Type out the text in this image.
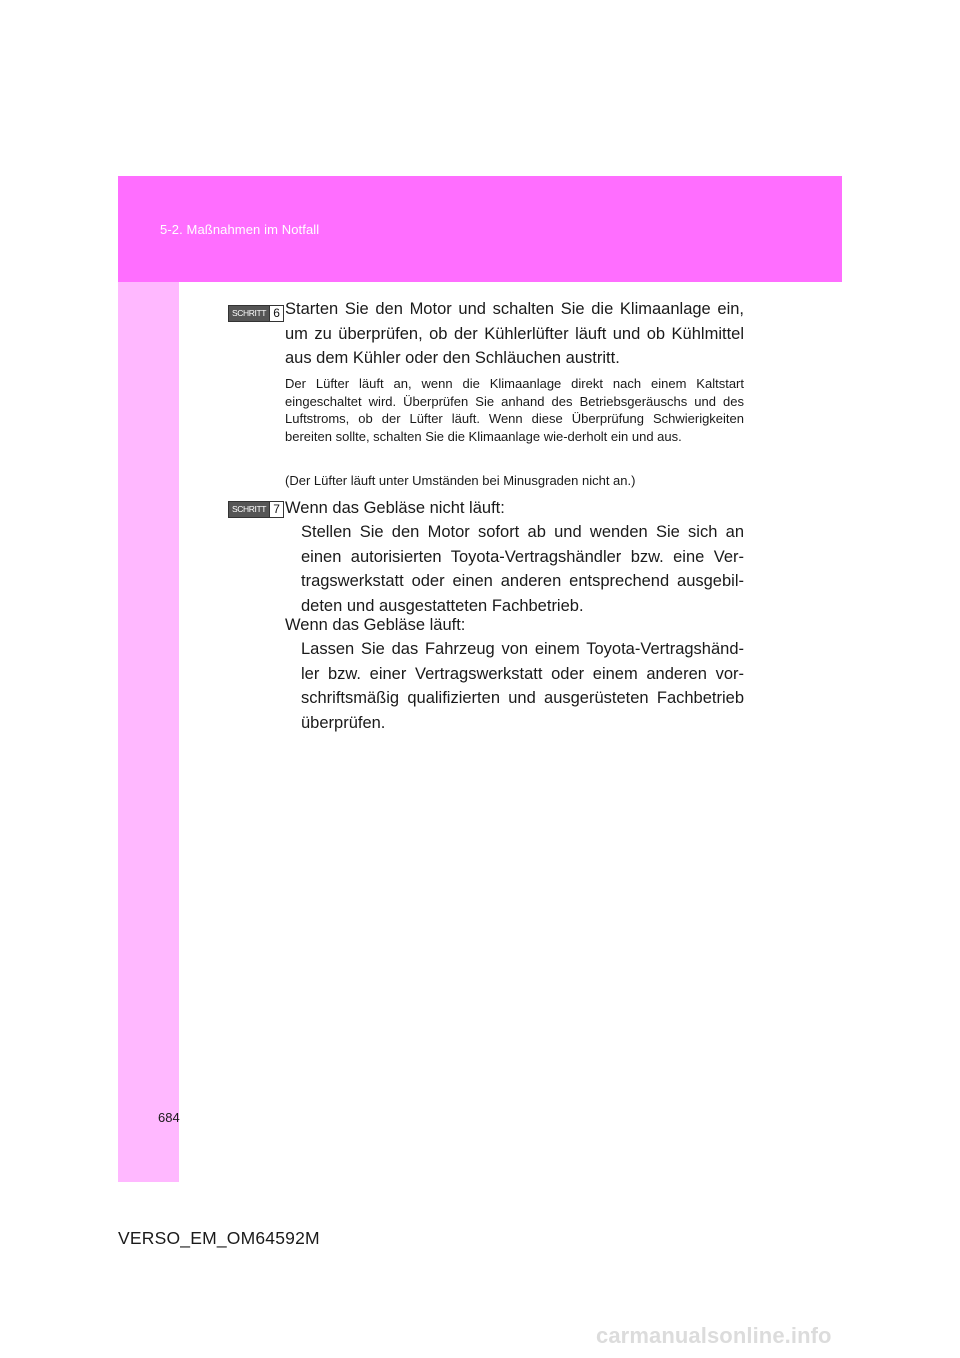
5-2. Maßnahmen im Notfall
SCHRITT 6 Starten Sie den Motor und schalten Sie die Klimaanlage ein, um zu überprüfen, ob der Kühlerlüfter läuft und ob Kühlmittel aus dem Kühler oder den Schläuchen austritt.
Der Lüfter läuft an, wenn die Klimaanlage direkt nach einem Kaltstart eingeschaltet wird. Überprüfen Sie anhand des Betriebsgeräuschs und des Luftstroms, ob der Lüfter läuft. Wenn diese Überprüfung Schwierigkeiten bereiten sollte, schalten Sie die Klimaanlage wie-derholt ein und aus.
(Der Lüfter läuft unter Umständen bei Minusgraden nicht an.)
SCHRITT 7 Wenn das Gebläse nicht läuft:
Stellen Sie den Motor sofort ab und wenden Sie sich an einen autorisierten Toyota-Vertragshändler bzw. eine Ver-tragswerkstatt oder einen anderen entsprechend ausgebil-deten und ausgestatteten Fachbetrieb.
Wenn das Gebläse läuft:
Lassen Sie das Fahrzeug von einem Toyota-Vertragshänd-ler bzw. einer Vertragswerkstatt oder einem anderen vor-schriftsmäßig qualifizierten und ausgerüsteten Fachbetrieb überprüfen.
684
VERSO_EM_OM64592M
carmanualsonline.info
